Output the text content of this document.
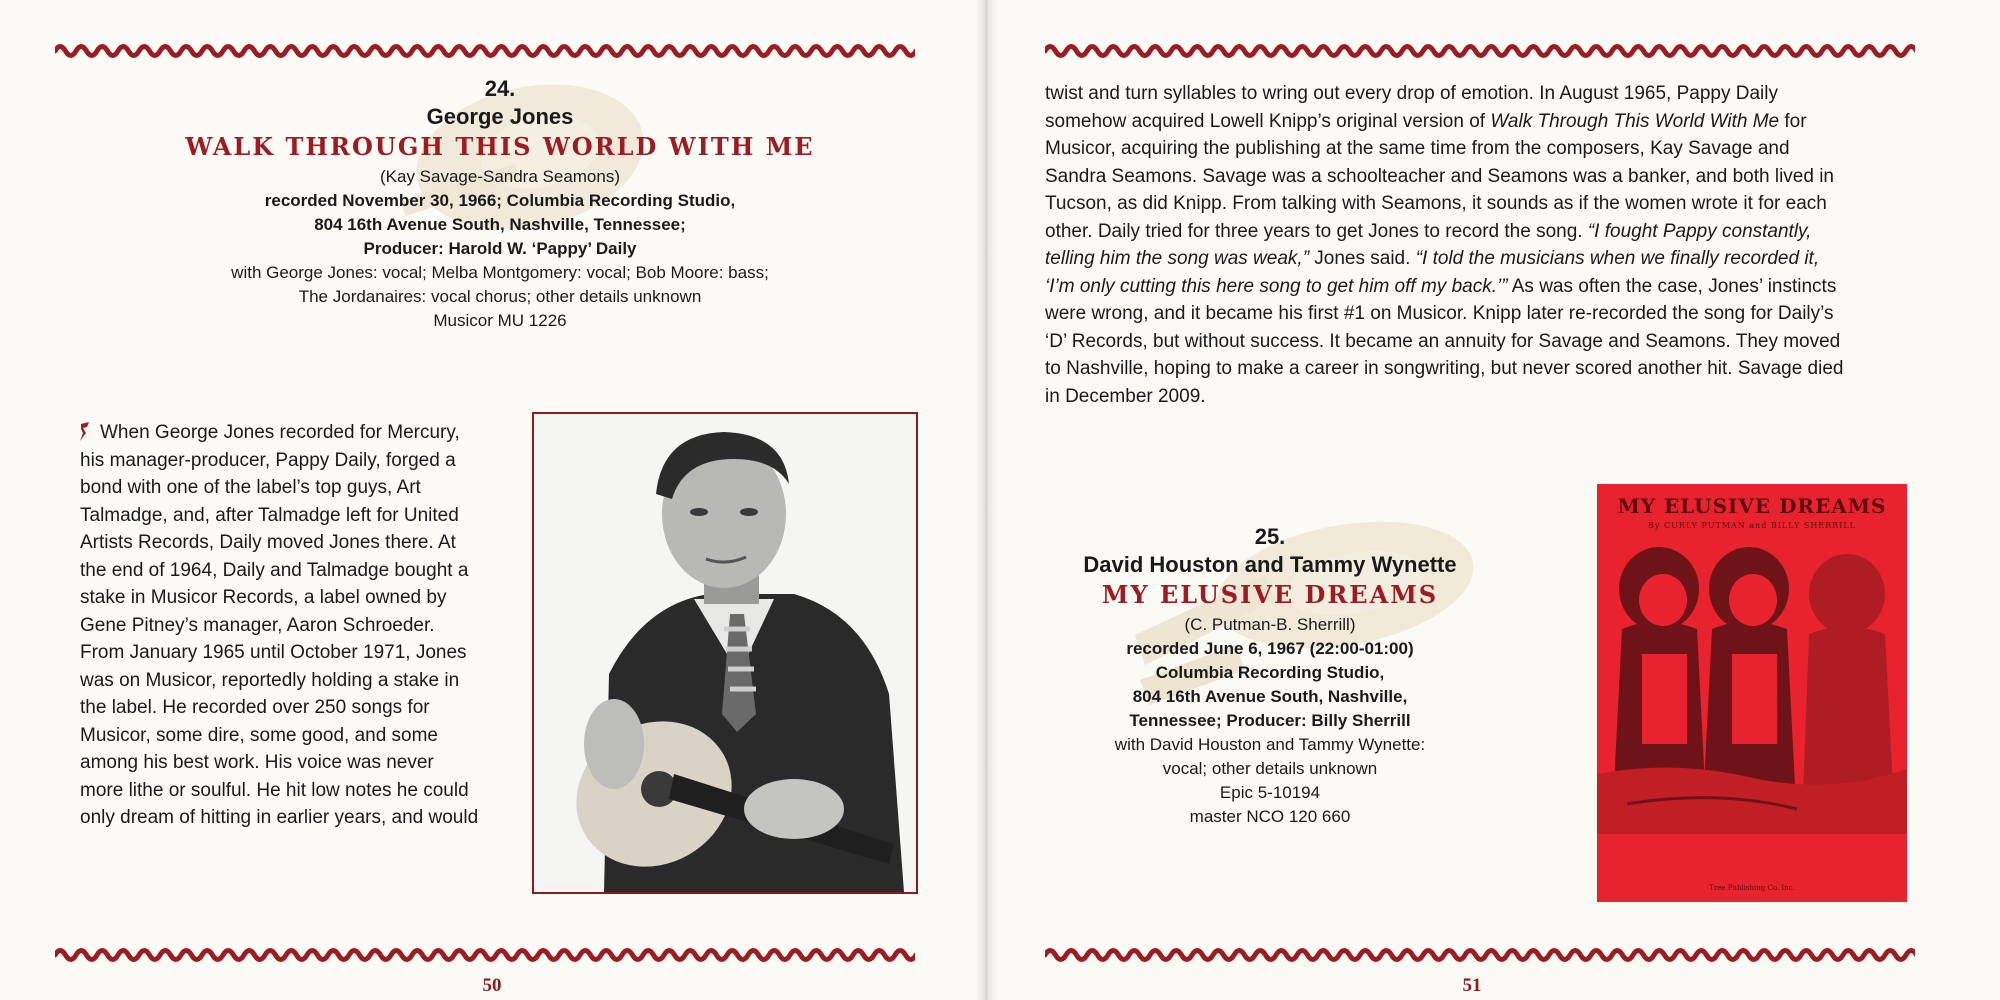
24.
George Jones
WALK THROUGH THIS WORLD WITH ME
(Kay Savage-Sandra Seamons)
recorded November 30, 1966; Columbia Recording Studio,
804 16th Avenue South, Nashville, Tennessee;
Producer: Harold W. ‘Pappy’ Daily
with George Jones: vocal; Melba Montgomery: vocal; Bob Moore: bass;
The Jordanaires: vocal chorus; other details unknown
Musicor MU 1226
When George Jones recorded for Mercury,
his manager-producer, Pappy Daily, forged a
bond with one of the label’s top guys, Art
Talmadge, and, after Talmadge left for United
Artists Records, Daily moved Jones there. At
the end of 1964, Daily and Talmadge bought a
stake in Musicor Records, a label owned by
Gene Pitney’s manager, Aaron Schroeder.
From January 1965 until October 1971, Jones
was on Musicor, reportedly holding a stake in
the label. He recorded over 250 songs for
Musicor, some dire, some good, and some
among his best work. His voice was never
more lithe or soulful. He hit low notes he could
only dream of hitting in earlier years, and would
50
twist and turn syllables to wring out every drop of emotion. In August 1965, Pappy Daily
somehow acquired Lowell Knipp’s original version of Walk Through This World With Me for
Musicor, acquiring the publishing at the same time from the composers, Kay Savage and
Sandra Seamons. Savage was a schoolteacher and Seamons was a banker, and both lived in
Tucson, as did Knipp. From talking with Seamons, it sounds as if the women wrote it for each
other. Daily tried for three years to get Jones to record the song. “I fought Pappy constantly,
telling him the song was weak,” Jones said. “I told the musicians when we finally recorded it,
‘I’m only cutting this here song to get him off my back.’” As was often the case, Jones’ instincts
were wrong, and it became his first #1 on Musicor. Knipp later re-recorded the song for Daily’s
‘D’ Records, but without success. It became an annuity for Savage and Seamons. They moved
to Nashville, hoping to make a career in songwriting, but never scored another hit. Savage died
in December 2009.
25.
David Houston and Tammy Wynette
MY ELUSIVE DREAMS
(C. Putman-B. Sherrill)
recorded June 6, 1967 (22:00-01:00)
Columbia Recording Studio,
804 16th Avenue South, Nashville,
Tennessee; Producer: Billy Sherrill
with David Houston and Tammy Wynette:
vocal; other details unknown
Epic 5-10194
master NCO 120 660
MY ELUSIVE DREAMS
By CURLY PUTMAN and BILLY SHERRILL
Tree Publishing Co. Inc.
51
